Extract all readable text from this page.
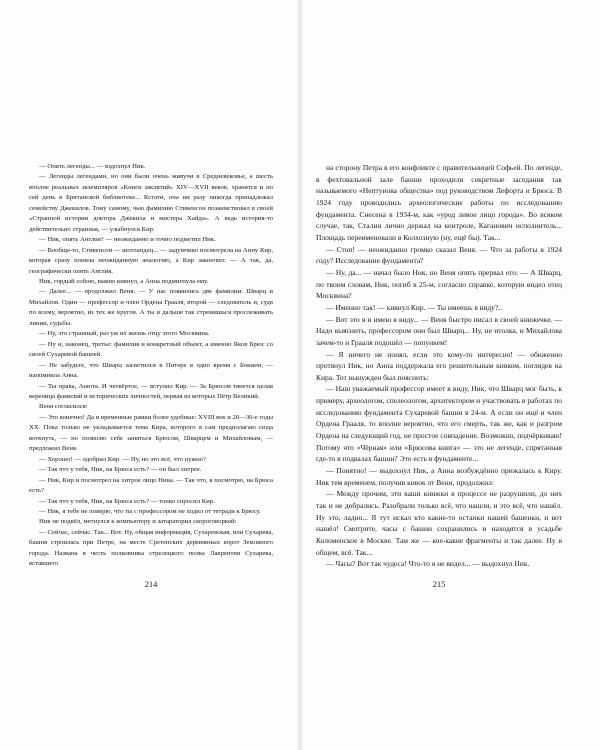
— Опять легенды... — вздохнул Ник.

— Легенды легендами, но они были очень живучи в Средневековье, а шесть вполне реальных экземпляров «Книги заклятий» XIV—XVII веков, хранятся и по сей день в Британской библиотеке... Кстати, она ни разу никогда принадлежал семейству Джекилов. Тому самому, чью фамилию Стивенсон позаимствовал в своей «Странной истории доктора Джекила и мистера Хайда». А ведь история-то действительно странная, — улыбнулся Кир.

— Ник, опять Англия? — неожиданно и точно подметил Ник.

— Вообще-то, Стивенсон — шотландец... — задумчиво посмотрела на Анну Кир, которая сразу поняла неожиданную аналогию, а Кир закончил: — А так, да, географически опять Англия.

Ник, гордый собою, важно кивнул, а Анна подмигнула ему.

— Далее... — продолжил Веня. — У нас появились две фамилии: Шварц и Михайлов. Один — профессор и член Ордена Грааля, второй — следователь и, судя по всему, вероятно, из тех же кругов. А ты и дальше так стремишься прослеживать линии, судьбы.

— Ну, это странный, раз уж их жизнь отцу этого Москвина.

— Ну и, наконец, третье: фамилия и конкретный объект, а именно Яков Брюс со своей Сухаревой башней.

— Не забудьте, что Шварц засветился в Питере в одно время с Бокием, — напомнила Анна.

— Ты права, Анюта. И четвёртое, — вступил Кир. — За Брюсом тянется целая вереница фамилий и исторических личностей, первая из которых Пётр Великий.

Веня согласился:

— Это конечно! Да и временные рамки более удобные: XVIII век и 20—30-е годы XX. Пока только не укладывается тема Кира, которого я сам предполагаю сюда воткнуть, — но позволю себе заняться Брюсом, Шварцем и Михайловым, — предложил Веня.

— Хорошо! — одобрил Кир. — Ну, но это всё, что нужно?

— Так что у тебя, Ник, на Брюса есть? — он был хитрее.

— Ник, Кир и посмотрел на хитрое лицо Ника. — Так что, я посмотрю, на Брюса есть?

— Так что у тебя, Ник, на Брюса есть? — тонко спросил Кир.

— Ник, я тебе не поверю, что ты с профессором не ходил от тетради к Брюсу.

Ник не подвёл, метнулся к компьютеру и затараторил скороговоркой:

— Сейчас, сейчас. Так... Вот. Ну, общая информация, Сухаревская, или Сухарева, башня строилась при Петре, на месте Сретенских деревянных ворот Земляного города. Названа в честь полковника стрелецкого полка Лаврентия Сухарева, вставшего

214

на сторону Петра в его конфликте с правительницей Софьей. По легенде, в фехтовальной зале башни проходили секретные заседания так называемого «Нептунова общества» под руководством Лефорта и Брюса. В 1924 году проводились археологические работы по исследованию фундамента. Снесена в 1934-м, как «урод ливое лицо города». Во всяком случае, так, Сталин лично держал на контроле, Каганович исполнитель... Площадь переименовали в Колхозную (ну, ещё бы). Так...

— Стоп! — неожиданно громко сказал Веня. — Что за работы в 1924 году? Исследование фундамента?

— Ну, да... — начал было Ник, но Веня опять прервал его: — А Шварц, по твоим словам, Ник, погиб в 25-м, согласно справке, которую видел отец Москвина?

— Именно так! — кивнул Кир. — Ты имеешь в виду?..

— Вот это я и имею в виду... — Веня быстро писал в своей книжечке. — Надо выяснить, профессором они был Шварц... Ну, не итолка, и Михайлова зачем-то и Грааля подошёл — попункем!

— Я ничего не понял, если это кому-то интересно! — обиженно протянул Ник, но Анна поддержала его решительным кивком, поглядев на Кира. Тот вынужден был пояснить:

— Наш уважаемый профессор имеет в виду, Ник, что Шварц мог быть, к примеру, археологом, спелеологом, архитектором и участвовать в работах по исследованию фундамента Сухаревой башни в 24-м. А если он ещё и член Ордена Грааля, то вполне вероятно, что его смерть, так же, как и разгром Ордена на следующий год, не простое совпадение. Возможно, подчёркиваю! Потому что «Чёрная» или «Брюсова книга» — это не легенде, спрятанная где-то в подвалах башни? Это есть в фундаменте...

— Понятно! — выдохнул Ник, а Анна возбуждённо прижалась к Киру. Ник тем временем, получив кивок от Вени, продолжил:

— Между прочим, эти ваши книжки в процессе не разрушили, до них так и не добрались. Разобрали только всё, что нашли, и это всё, что нашёл. Ну это, ладно... Я тут искал кто какие-то останки нашей башенки, и вот нашёл! Смотрите, часы с башни сохранились и находятся в усадьбе Коломенское в Москве. Там же — кое-какие фрагменты и так далее. Ну в общем, всё. Так...

— Часы? Вот так чудеса! Что-то я не видел... — выдохнул Ник.

215
